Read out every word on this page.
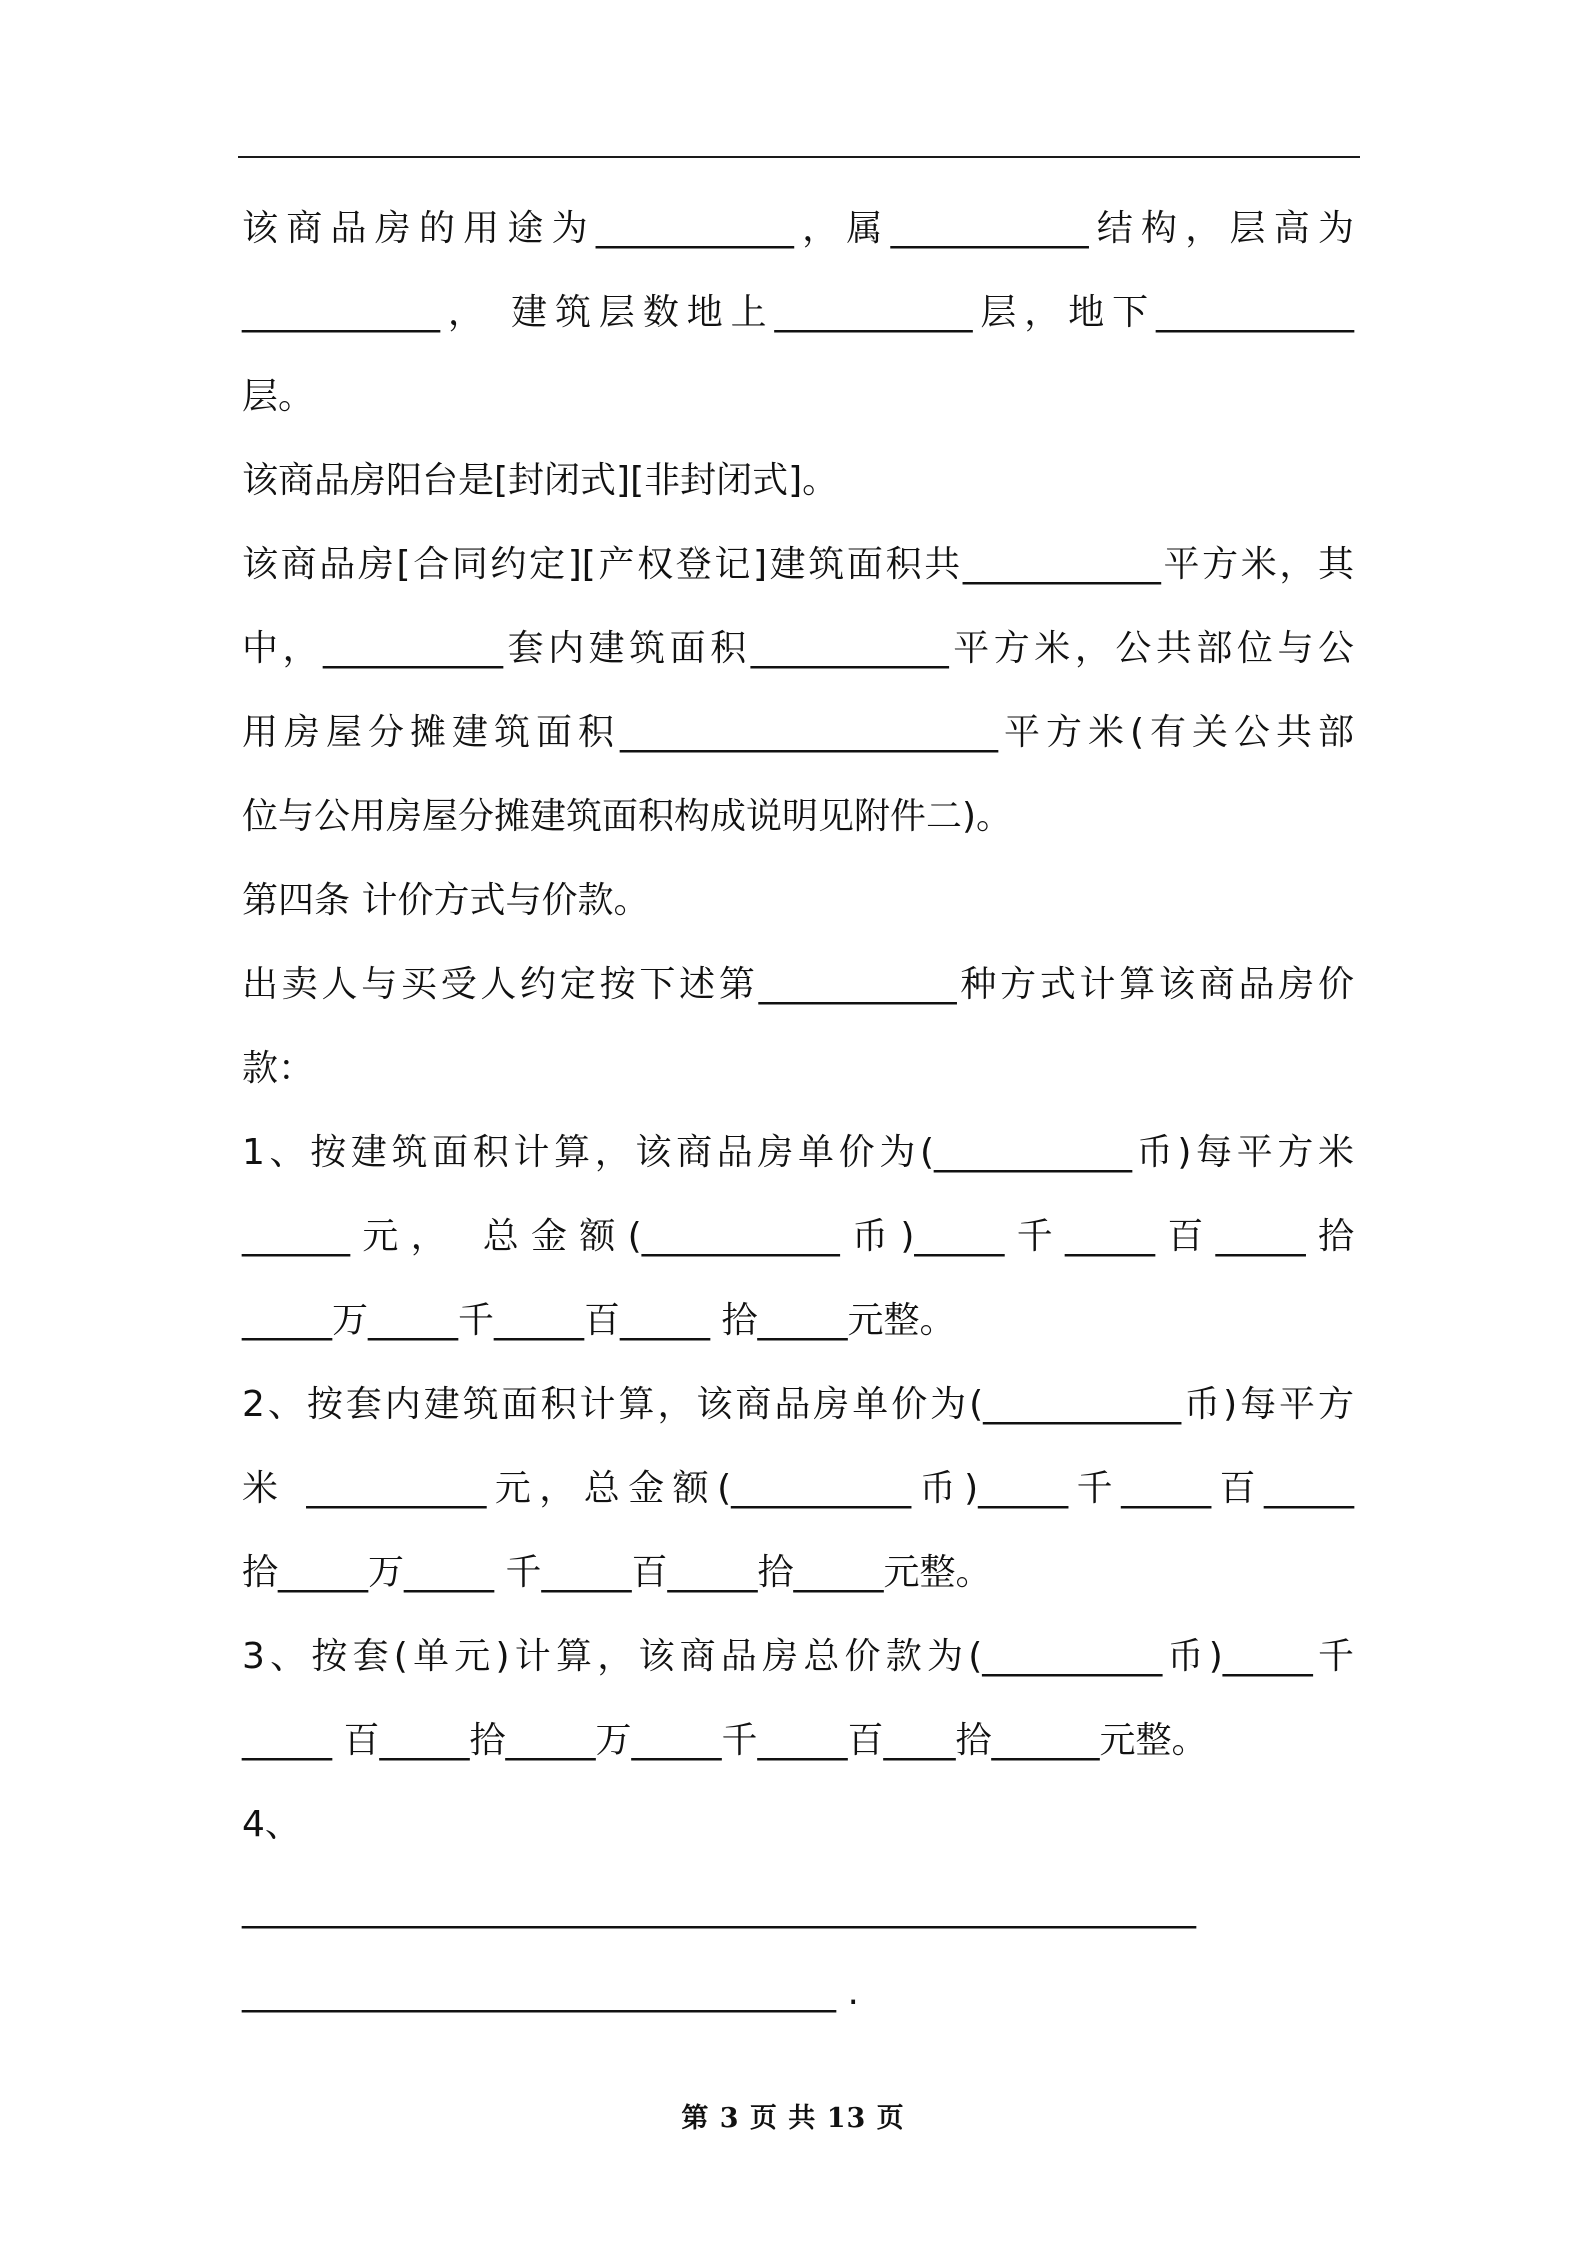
该商品房的用途为___________，属___________结构，层高为
___________， 建筑层数地上___________层，地下___________
层。
该商品房阳台是[封闭式][非封闭式]。
该商品房[合同约定][产权登记]建筑面积共___________平方米，其
中，__________套内建筑面积___________平方米，公共部位与公
用房屋分摊建筑面积_____________________平方米(有关公共部
位与公用房屋分摊建筑面积构成说明见附件二)。
第四条 计价方式与价款。
出卖人与买受人约定按下述第___________种方式计算该商品房价
款：
1、按建筑面积计算，该商品房单价为(___________币)每平方米
______元， 总金额(___________币)_____千_____百_____拾
_____万_____千_____百_____ 拾_____元整。
2、按套内建筑面积计算，该商品房单价为(___________币)每平方
米 __________元，总金额(__________币)_____千_____百_____
拾_____万_____ 千_____百_____拾_____元整。
3、按套(单元)计算，该商品房总价款为(__________币)_____千
_____ 百_____拾_____万_____千_____百____拾______元整。
4、
_____________________________________________________
_________________________________ .
第 3 页 共 13 页
